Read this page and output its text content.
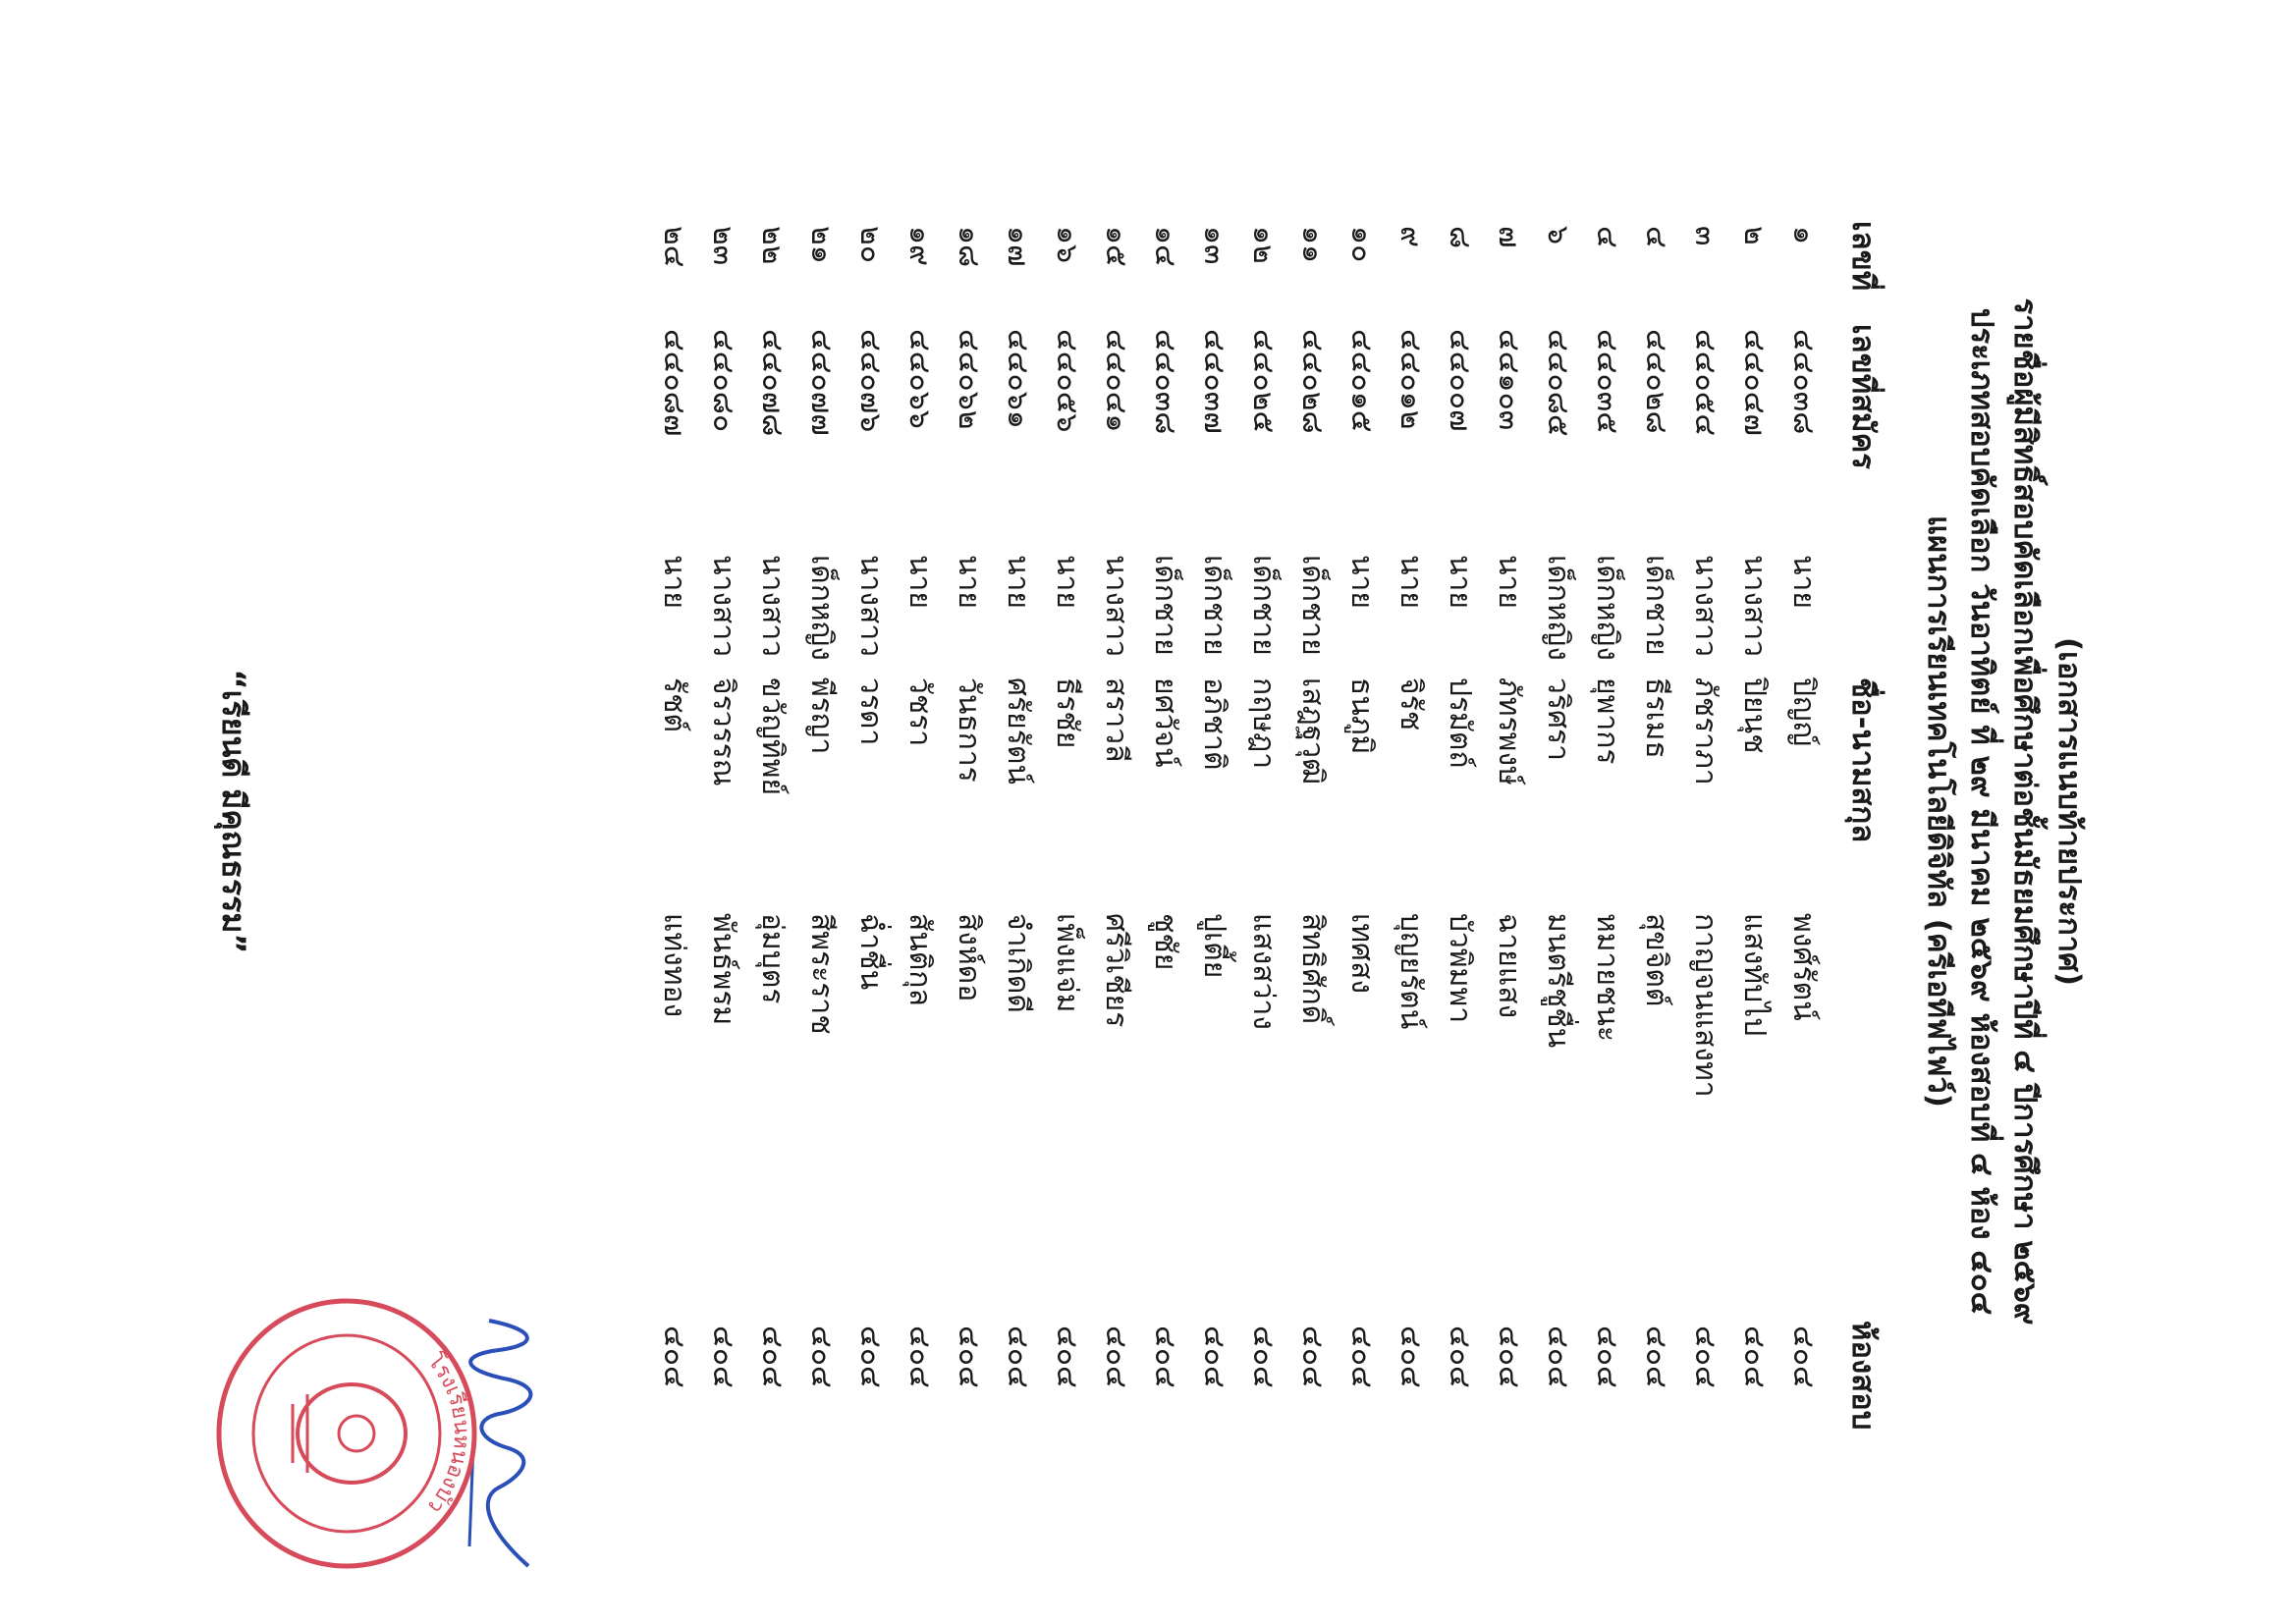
(เอกสารแนบท้ายประกาศ)
รายชื่อผู้มีสิทธิ์สอบคัดเลือกเพื่อศึกษาต่อชั้นมัธยมศึกษาปีที่ ๔ ปีการศึกษา ๒๕๖๙
ประเภทสอบคัดเลือก วันอาทิตย์ ที่ ๒๙ มีนาคม ๒๕๖๙ ห้องสอบที่ ๔ ห้อง ๔๐๔
แผนการเรียนเทคโนโลยีดิจิทัล (ครีเอทีฟไฟว์)
เลขที่
เลขที่สมัคร
ชื่อ-นามสกุล
ห้องสอบ
๑
๔๔๐๓๘
นาย
ปิญญ์
พงศ์รัตน์
๔๐๔
๒
๔๔๐๔๗
นางสาว
ปิยนุช
แสงทับไป
๔๐๔
๓
๔๔๐๕๔
นางสาว
ภัชราภา
กาญจนแสงทา
๔๐๔
๔
๔๔๐๒๘
เด็กชาย
ธีรเมธ
สุขจิตต์
๔๐๔
๔
๔๔๐๓๕
เด็กหญิง
ยุพากร
หมายชนะ
๔๐๔
๖
๔๔๐๘๕
เด็กหญิง
วริศรา
มนตรีชูชื่น
๔๐๔
๗
๔๔๑๐๓
นาย
ภัทรพงษ์
ฉายแสง
๔๐๔
๘
๔๔๐๐๗
นาย
ปรมัตถ์
บัวพิมพา
๔๐๔
๙
๔๔๐๑๒
นาย
จิรัช
บุญยรัตน์
๔๐๔
๑๐
๔๔๐๑๕
นาย
ธนภูมิ
เทศสง
๔๐๔
๑๑
๔๔๐๒๘
เด็กชาย
เสฎฐวุฒิ
สิทธิศักดิ์
๔๐๔
๑๒
๔๔๐๒๕
เด็กชาย
กฤษฎา
แสงสว่าง
๔๐๔
๑๓
๔๔๐๓๗
เด็กชาย
อภิชาติ
ปูเตี้ย
๔๐๔
๑๔
๔๔๐๓๘
เด็กชาย
ยศวัจน์
ชูชัย
๔๐๔
๑๕
๔๔๐๔๑
นางสาว
สราวลี
ศรีวิเชียร
๔๐๔
๑๖
๔๔๐๕๖
นาย
ธีรชัย
เพ็งแจ่ม
๔๐๔
๑๗
๔๔๐๖๑
นาย
ศรัยรัตน์
จำเกิดดี
๔๐๔
๑๘
๔๔๐๖๒
นาย
วันธการ
สิงห์ดอ
๔๐๔
๑๙
๔๔๐๖๖
นาย
วัชรา
สันติกุล
๔๐๔
๒๐
๔๔๐๗๖
นางสาว
วรดา
ฉ่ำชื่น
๔๐๔
๒๑
๔๔๐๗๗
เด็กหญิง
พีรญา
สีพระราช
๔๐๔
๒๒
๔๔๐๗๘
นางสาว
ขวัญทิพย์
อุ่มบุตร
๔๐๔
๒๓
๔๔๐๘๐
นางสาว
จิรวรรณ
พันธ์พรม
๔๐๔
๒๔
๔๔๐๘๗
นาย
รัชต์
แท่งทอง
๔๐๔
โรงเรียนหนองบัว
“เรียนดี มีคุณธรรม”
